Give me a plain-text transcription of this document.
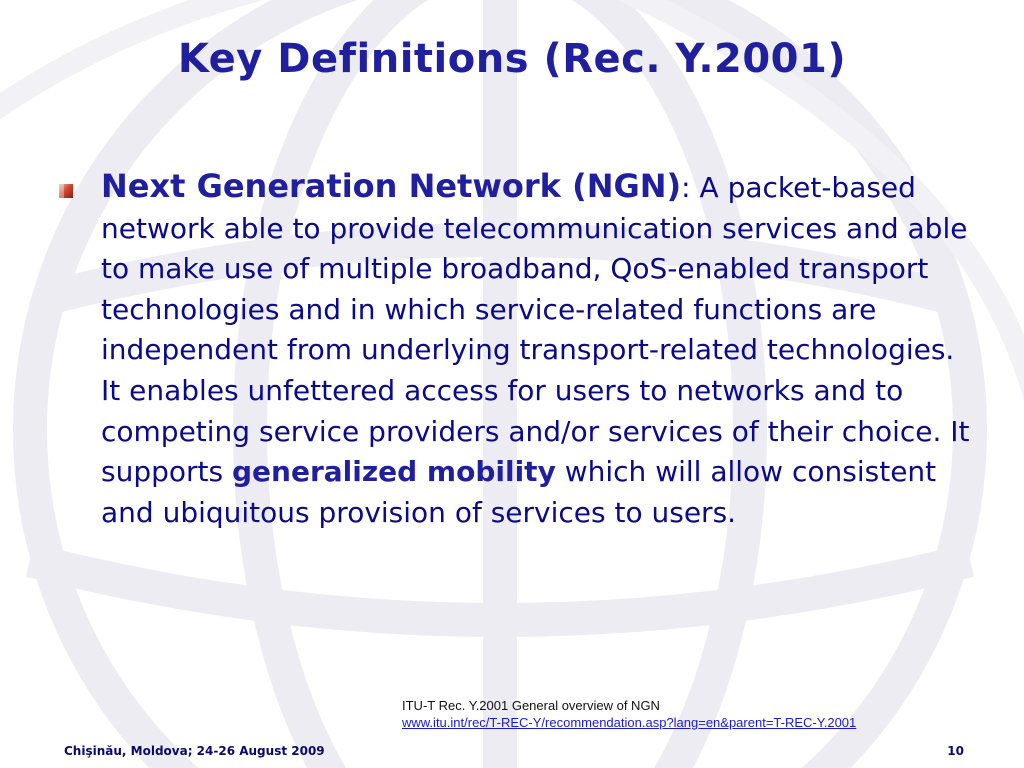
Key Definitions (Rec. Y.2001)

Next Generation Network (NGN): A packet-based network able to provide telecommunication services and able to make use of multiple broadband, QoS-enabled transport technologies and in which service-related functions are independent from underlying transport-related technologies. It enables unfettered access for users to networks and to competing service providers and/or services of their choice. It supports generalized mobility which will allow consistent and ubiquitous provision of services to users.

ITU-T Rec. Y.2001 General overview of NGN
www.itu.int/rec/T-REC-Y/recommendation.asp?lang=en&parent=T-REC-Y.2001
Chişinău, Moldova; 24-26 August 2009	10
